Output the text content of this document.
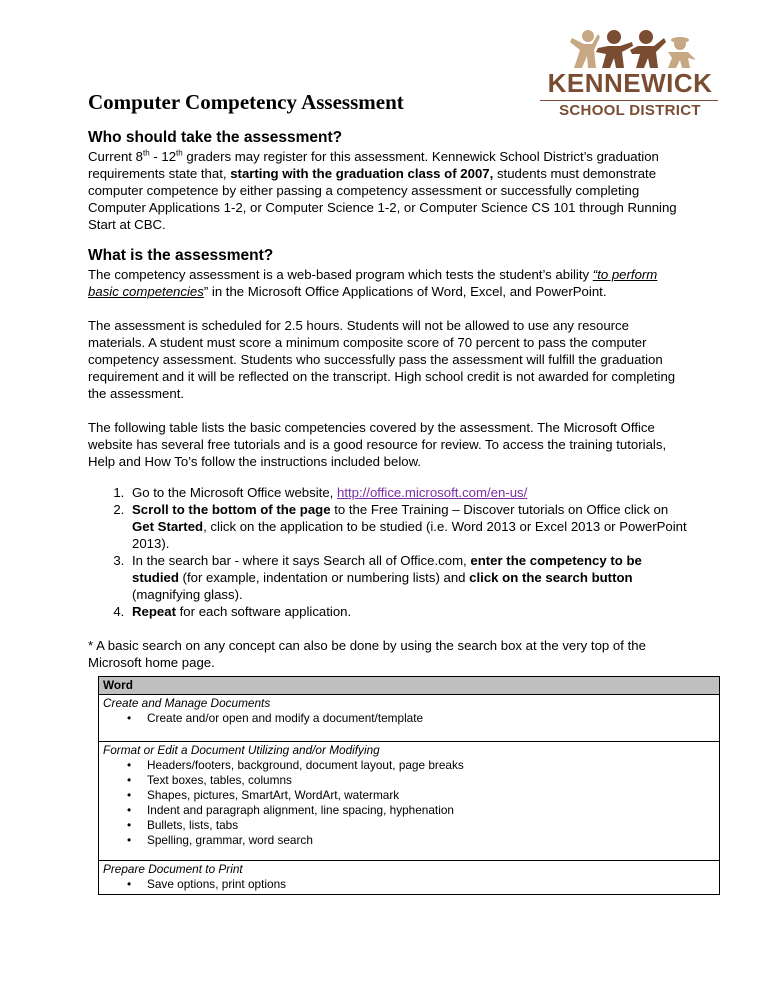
KENNEWICK
SCHOOL DISTRICT
Computer Competency Assessment
Who should take the assessment?

Current 8th - 12th graders may register for this assessment. Kennewick School District’s graduation requirements state that, starting with the graduation class of 2007, students must demonstrate computer competence by either passing a competency assessment or successfully completing Computer Applications 1-2, or Computer Science 1-2, or Computer Science CS 101 through Running Start at CBC.

What is the assessment?

The competency assessment is a web-based program which tests the student’s ability “to perform basic competencies” in the Microsoft Office Applications of Word, Excel, and PowerPoint.

The assessment is scheduled for 2.5 hours. Students will not be allowed to use any resource materials. A student must score a minimum composite score of 70 percent to pass the computer competency assessment. Students who successfully pass the assessment will fulfill the graduation requirement and it will be reflected on the transcript. High school credit is not awarded for completing the assessment.

The following table lists the basic competencies covered by the assessment. The Microsoft Office website has several free tutorials and is a good resource for review. To access the training tutorials, Help and How To’s follow the instructions included below.

1. Go to the Microsoft Office website, http://office.microsoft.com/en-us/
2. Scroll to the bottom of the page to the Free Training – Discover tutorials on Office click on Get Started, click on the application to be studied (i.e. Word 2013 or Excel 2013 or PowerPoint 2013).
3. In the search bar - where it says Search all of Office.com, enter the competency to be studied (for example, indentation or numbering lists) and click on the search button (magnifying glass).
4. Repeat for each software application.

* A basic search on any concept can also be done by using the search box at the very top of the Microsoft home page.

Word

Create and Manage Documents
• Create and/or open and modify a document/template

Format or Edit a Document Utilizing and/or Modifying
• Headers/footers, background, document layout, page breaks
• Text boxes, tables, columns
• Shapes, pictures, SmartArt, WordArt, watermark
• Indent and paragraph alignment, line spacing, hyphenation
• Bullets, lists, tabs
• Spelling, grammar, word search

Prepare Document to Print
• Save options, print options
